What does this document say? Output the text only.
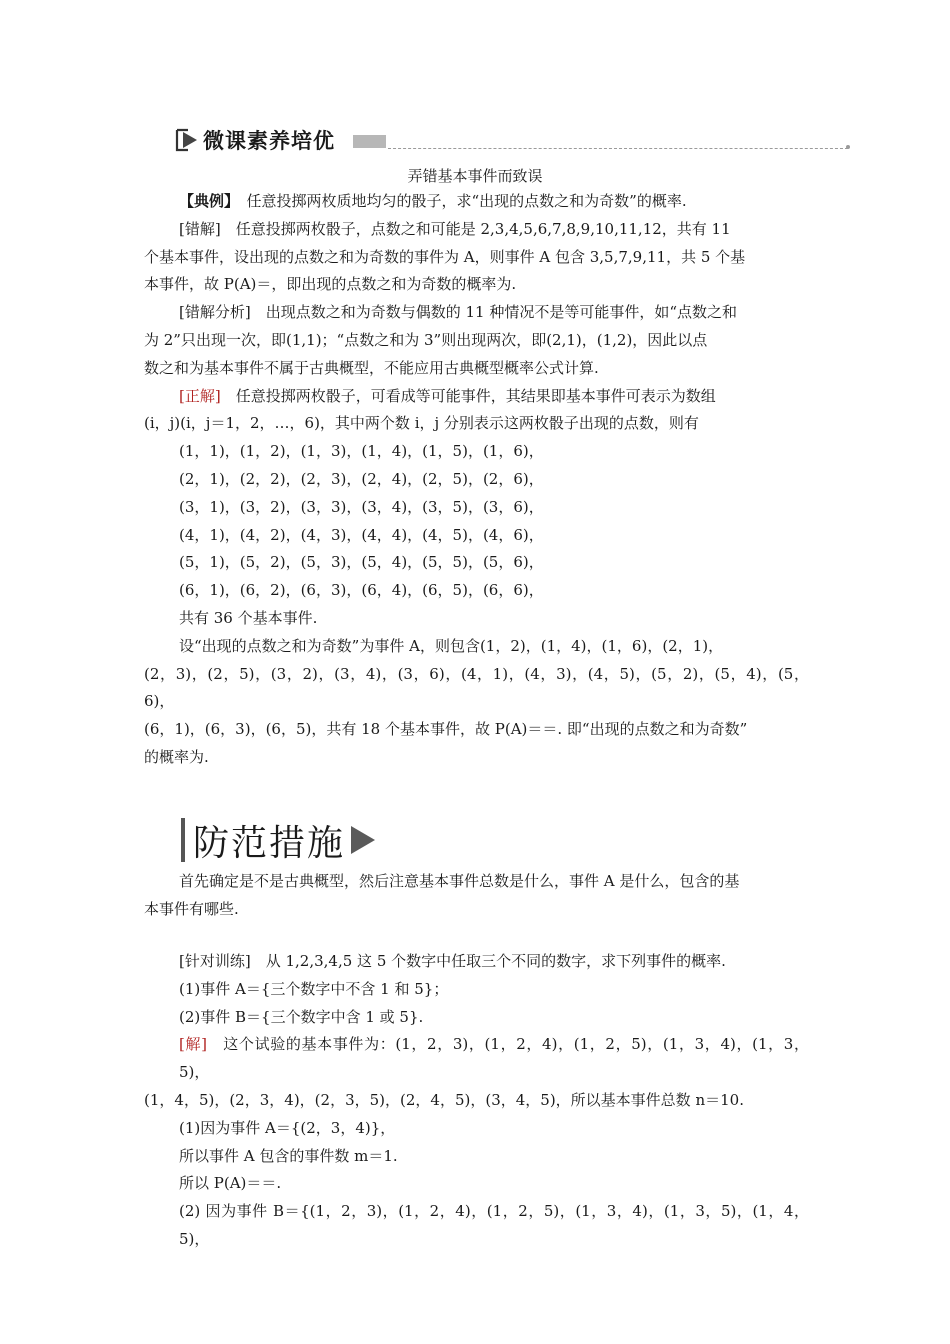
微课素养培优
弄错基本事件而致误

【典例】　任意投掷两枚质地均匀的骰子，求“出现的点数之和为奇数”的概率.

[错解]　任意投掷两枚骰子，点数之和可能是 2,3,4,5,6,7,8,9,10,11,12，共有 11

个基本事件，设出现的点数之和为奇数的事件为 A，则事件 A 包含 3,5,7,9,11，共 5 个基

本事件，故 P(A)＝，即出现的点数之和为奇数的概率为.

[错解分析]　出现点数之和为奇数与偶数的 11 种情况不是等可能事件，如“点数之和

为 2”只出现一次，即(1,1)；“点数之和为 3”则出现两次，即(2,1)，(1,2)，因此以点

数之和为基本事件不属于古典概型，不能应用古典概型概率公式计算.

[正解]　任意投掷两枚骰子，可看成等可能事件，其结果即基本事件可表示为数组

(i，j)(i，j＝1，2，…，6)，其中两个数 i，j 分别表示这两枚骰子出现的点数，则有

(1，1)，(1，2)，(1，3)，(1，4)，(1，5)，(1，6)，

(2，1)，(2，2)，(2，3)，(2，4)，(2，5)，(2，6)，

(3，1)，(3，2)，(3，3)，(3，4)，(3，5)，(3，6)，

(4，1)，(4，2)，(4，3)，(4，4)，(4，5)，(4，6)，

(5，1)，(5，2)，(5，3)，(5，4)，(5，5)，(5，6)，

(6，1)，(6，2)，(6，3)，(6，4)，(6，5)，(6，6)，

共有 36 个基本事件.

设“出现的点数之和为奇数”为事件 A，则包含(1，2)，(1，4)，(1，6)，(2，1)，

(2，3)，(2，5)，(3，2)，(3，4)，(3，6)，(4，1)，(4，3)，(4，5)，(5，2)，(5，4)，(5，6)，

(6，1)，(6，3)，(6，5)，共有 18 个基本事件，故 P(A)＝＝. 即“出现的点数之和为奇数”

的概率为.

防范措施

首先确定是不是古典概型，然后注意基本事件总数是什么，事件 A 是什么，包含的基

本事件有哪些.

[针对训练]　从 1,2,3,4,5 这 5 个数字中任取三个不同的数字，求下列事件的概率.

(1)事件 A＝{三个数字中不含 1 和 5}；

(2)事件 B＝{三个数字中含 1 或 5}.

[解]　这个试验的基本事件为：(1，2，3)，(1，2，4)，(1，2，5)，(1，3，4)，(1，3，5)，

(1，4，5)，(2，3，4)，(2，3，5)，(2，4，5)，(3，4，5)，所以基本事件总数 n＝10.

(1)因为事件 A＝{(2，3，4)}，

所以事件 A 包含的事件数 m＝1.

所以 P(A)＝＝.

(2) 因为事件 B＝{(1，2，3)，(1，2，4)，(1，2，5)，(1，3，4)，(1，3，5)，(1，4，5)，
